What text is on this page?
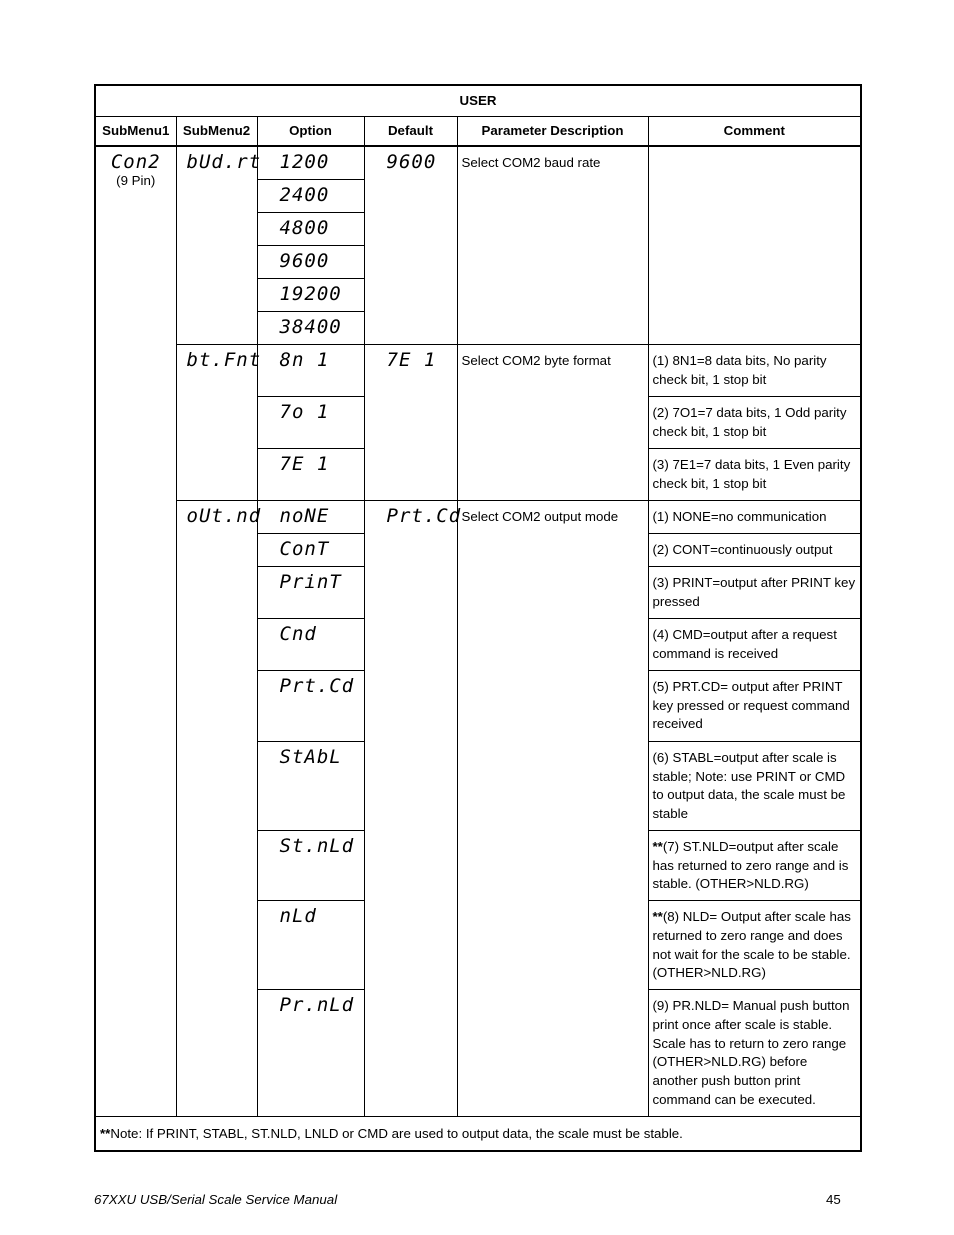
USER					
SubMenu1	SubMenu2	Option	Default	Parameter Description	Comment

Con2
(9 Pin)	bUd.rt	1200	9600	Select COM2 baud rate	

		2400			

		4800			

		9600			

		19200			

		38400			

	bt.Fnt	8n 1	7E 1	Select COM2 byte format	(1) 8N1=8 data bits, No parity check bit, 1 stop bit

		7o 1			(2) 7O1=7 data bits, 1 Odd parity check bit, 1 stop bit

		7E 1			(3) 7E1=7 data bits, 1 Even parity check bit, 1 stop bit

	oUt.nd	noNE	Prt.Cd	Select COM2 output mode	(1) NONE=no communication

		ConT			(2) CONT=continuously output

		PrinT			(3) PRINT=output after PRINT key pressed

		Cnd			(4) CMD=output after a request command is received

		Prt.Cd			(5) PRT.CD= output after PRINT key pressed or request command received

		StAbL			(6) STABL=output after scale is stable; Note: use PRINT or CMD to output data, the scale must be stable

		St.nLd			**(7) ST.NLD=output after scale has returned to zero range and is stable. (OTHER>NLD.RG)

		nLd			**(8) NLD= Output after scale has returned to zero range and does not wait for the scale to be stable. (OTHER>NLD.RG)

		Pr.nLd			(9) PR.NLD= Manual push button print once after scale is stable. Scale has to return to zero range (OTHER>NLD.RG) before another push button print command can be executed.
**Note: If PRINT, STABL, ST.NLD, LNLD or CMD are used to output data, the scale must be stable.					
67XXU USB/Serial Scale Service Manual	45
